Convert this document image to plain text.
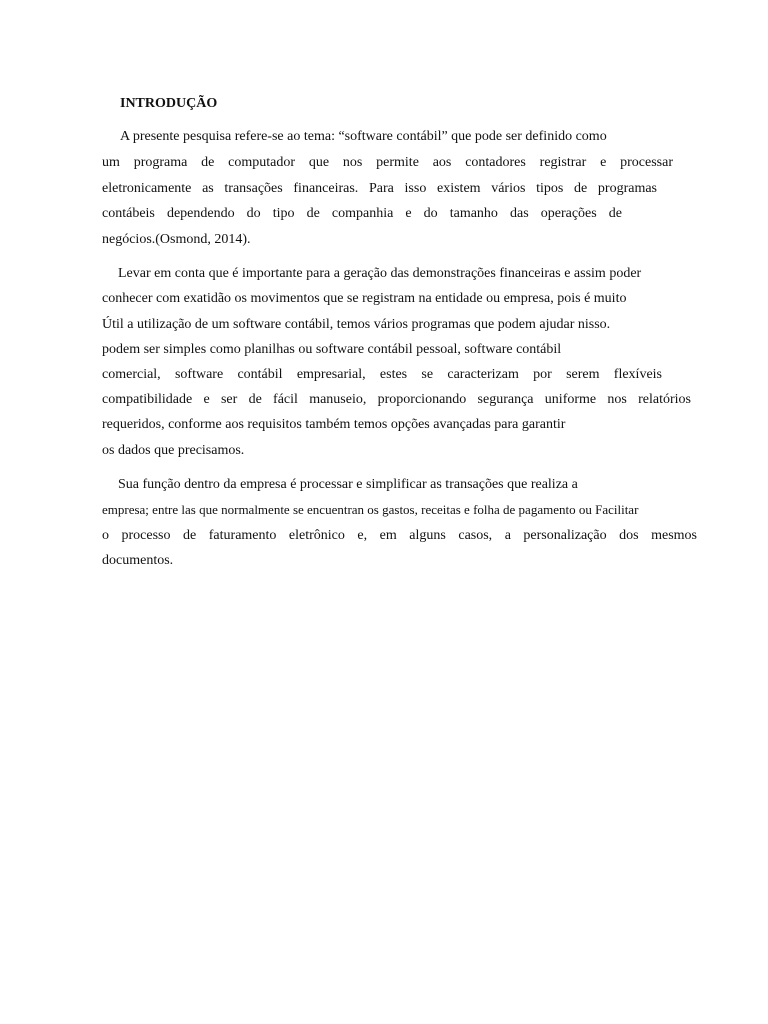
INTRODUÇÃO
A presente pesquisa refere-se ao tema: “software contábil” que pode ser definido como
um programa de computador que nos permite aos contadores registrar e processar
eletronicamente as transações financeiras. Para isso existem vários tipos de programas
contábeis dependendo do tipo de companhia e do tamanho das operações de
negócios.(Osmond, 2014).
Levar em conta que é importante para a geração das demonstrações financeiras e assim poder
conhecer com exatidão os movimentos que se registram na entidade ou empresa, pois é muito
Útil a utilização de um software contábil, temos vários programas que podem ajudar nisso.
podem ser simples como planilhas ou software contábil pessoal, software contábil
comercial, software contábil empresarial, estes se caracterizam por serem flexíveis
compatibilidade e ser de fácil manuseio, proporcionando segurança uniforme nos relatórios
requeridos, conforme aos requisitos também temos opções avançadas para garantir
os dados que precisamos.
Sua função dentro da empresa é processar e simplificar as transações que realiza a
empresa; entre las que normalmente se encuentran os gastos, receitas e folha de pagamento ou Facilitar
o processo de faturamento eletrônico e, em alguns casos, a personalização dos mesmos
documentos.
